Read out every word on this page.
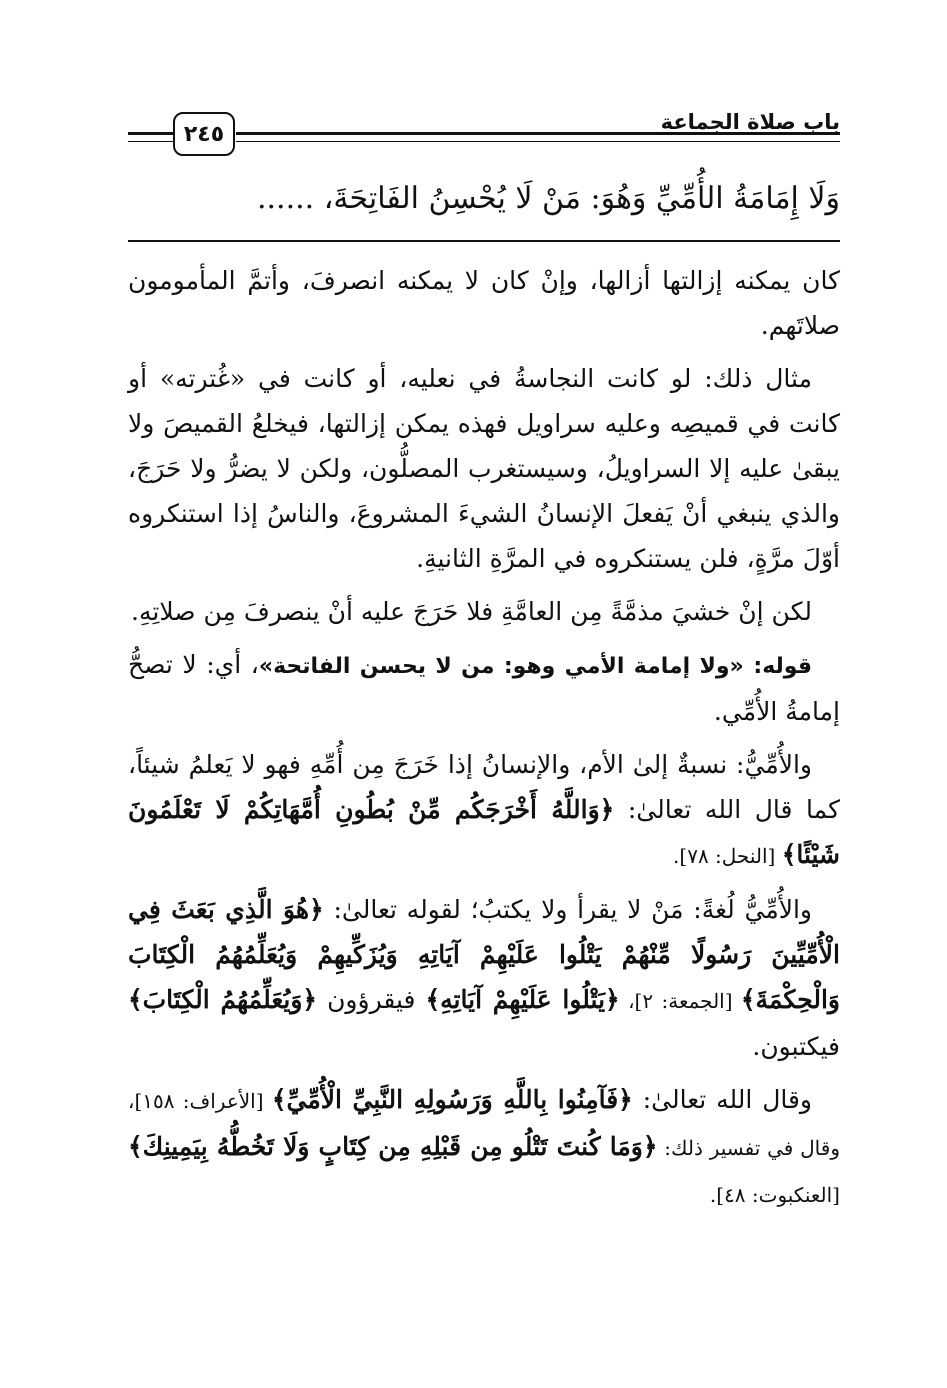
٢٤٥	باب صلاة الجماعة
وَلَا إِمَامَةُ الأُمِّيِّ وَهُوَ: مَنْ لَا يُحْسِنُ الفَاتِحَةَ، ......

كان يمكنه إزالتها أزالها، وإنْ كان لا يمكنه انصرفَ، وأتمَّ المأمومون صلاتَهم.

مثال ذلك: لو كانت النجاسةُ في نعليه، أو كانت في «غُترته» أو كانت في قميصِه وعليه سراويل فهذه يمكن إزالتها، فيخلعُ القميصَ ولا يبقىٰ عليه إلا السراويلُ، وسيستغرب المصلُّون، ولكن لا يضرُّ ولا حَرَجَ، والذي ينبغي أنْ يَفعلَ الإنسانُ الشيءَ المشروعَ، والناسُ إذا استنكروه أوّلَ مرَّةٍ، فلن يستنكروه في المرَّةِ الثانيةِ.

لكن إنْ خشيَ مذمَّةً مِن العامَّةِ فلا حَرَجَ عليه أنْ ينصرفَ مِن صلاتِهِ.

قوله: «ولا إمامة الأمي وهو: من لا يحسن الفاتحة»، أي: لا تصحُّ إمامةُ الأُمِّي.

والأُمِّيُّ: نسبةٌ إلىٰ الأم، والإنسانُ إذا خَرَجَ مِن أُمِّهِ فهو لا يَعلمُ شيئاً، كما قال الله تعالىٰ: ﴿وَاللَّهُ أَخْرَجَكُم مِّنْ بُطُونِ أُمَّهَاتِكُمْ لَا تَعْلَمُونَ شَيْئًا﴾ [النحل: ٧٨].

والأُمِّيُّ لُغةً: مَنْ لا يقرأ ولا يكتبُ؛ لقوله تعالىٰ: ﴿هُوَ الَّذِي بَعَثَ فِي الْأُمِّيِّينَ رَسُولًا مِّنْهُمْ يَتْلُوا عَلَيْهِمْ آيَاتِهِ وَيُزَكِّيهِمْ وَيُعَلِّمُهُمُ الْكِتَابَ وَالْحِكْمَةَ﴾ [الجمعة: ٢]، ﴿يَتْلُوا عَلَيْهِمْ آيَاتِهِ﴾ فيقرؤون ﴿وَيُعَلِّمُهُمُ الْكِتَابَ﴾ فيكتبون.

وقال الله تعالىٰ: ﴿فَآمِنُوا بِاللَّهِ وَرَسُولِهِ النَّبِيِّ الْأُمِّيِّ﴾ [الأعراف: ١٥٨]، وقال في تفسير ذلك: ﴿وَمَا كُنتَ تَتْلُو مِن قَبْلِهِ مِن كِتَابٍ وَلَا تَخُطُّهُ بِيَمِينِكَ﴾ [العنكبوت: ٤٨].
